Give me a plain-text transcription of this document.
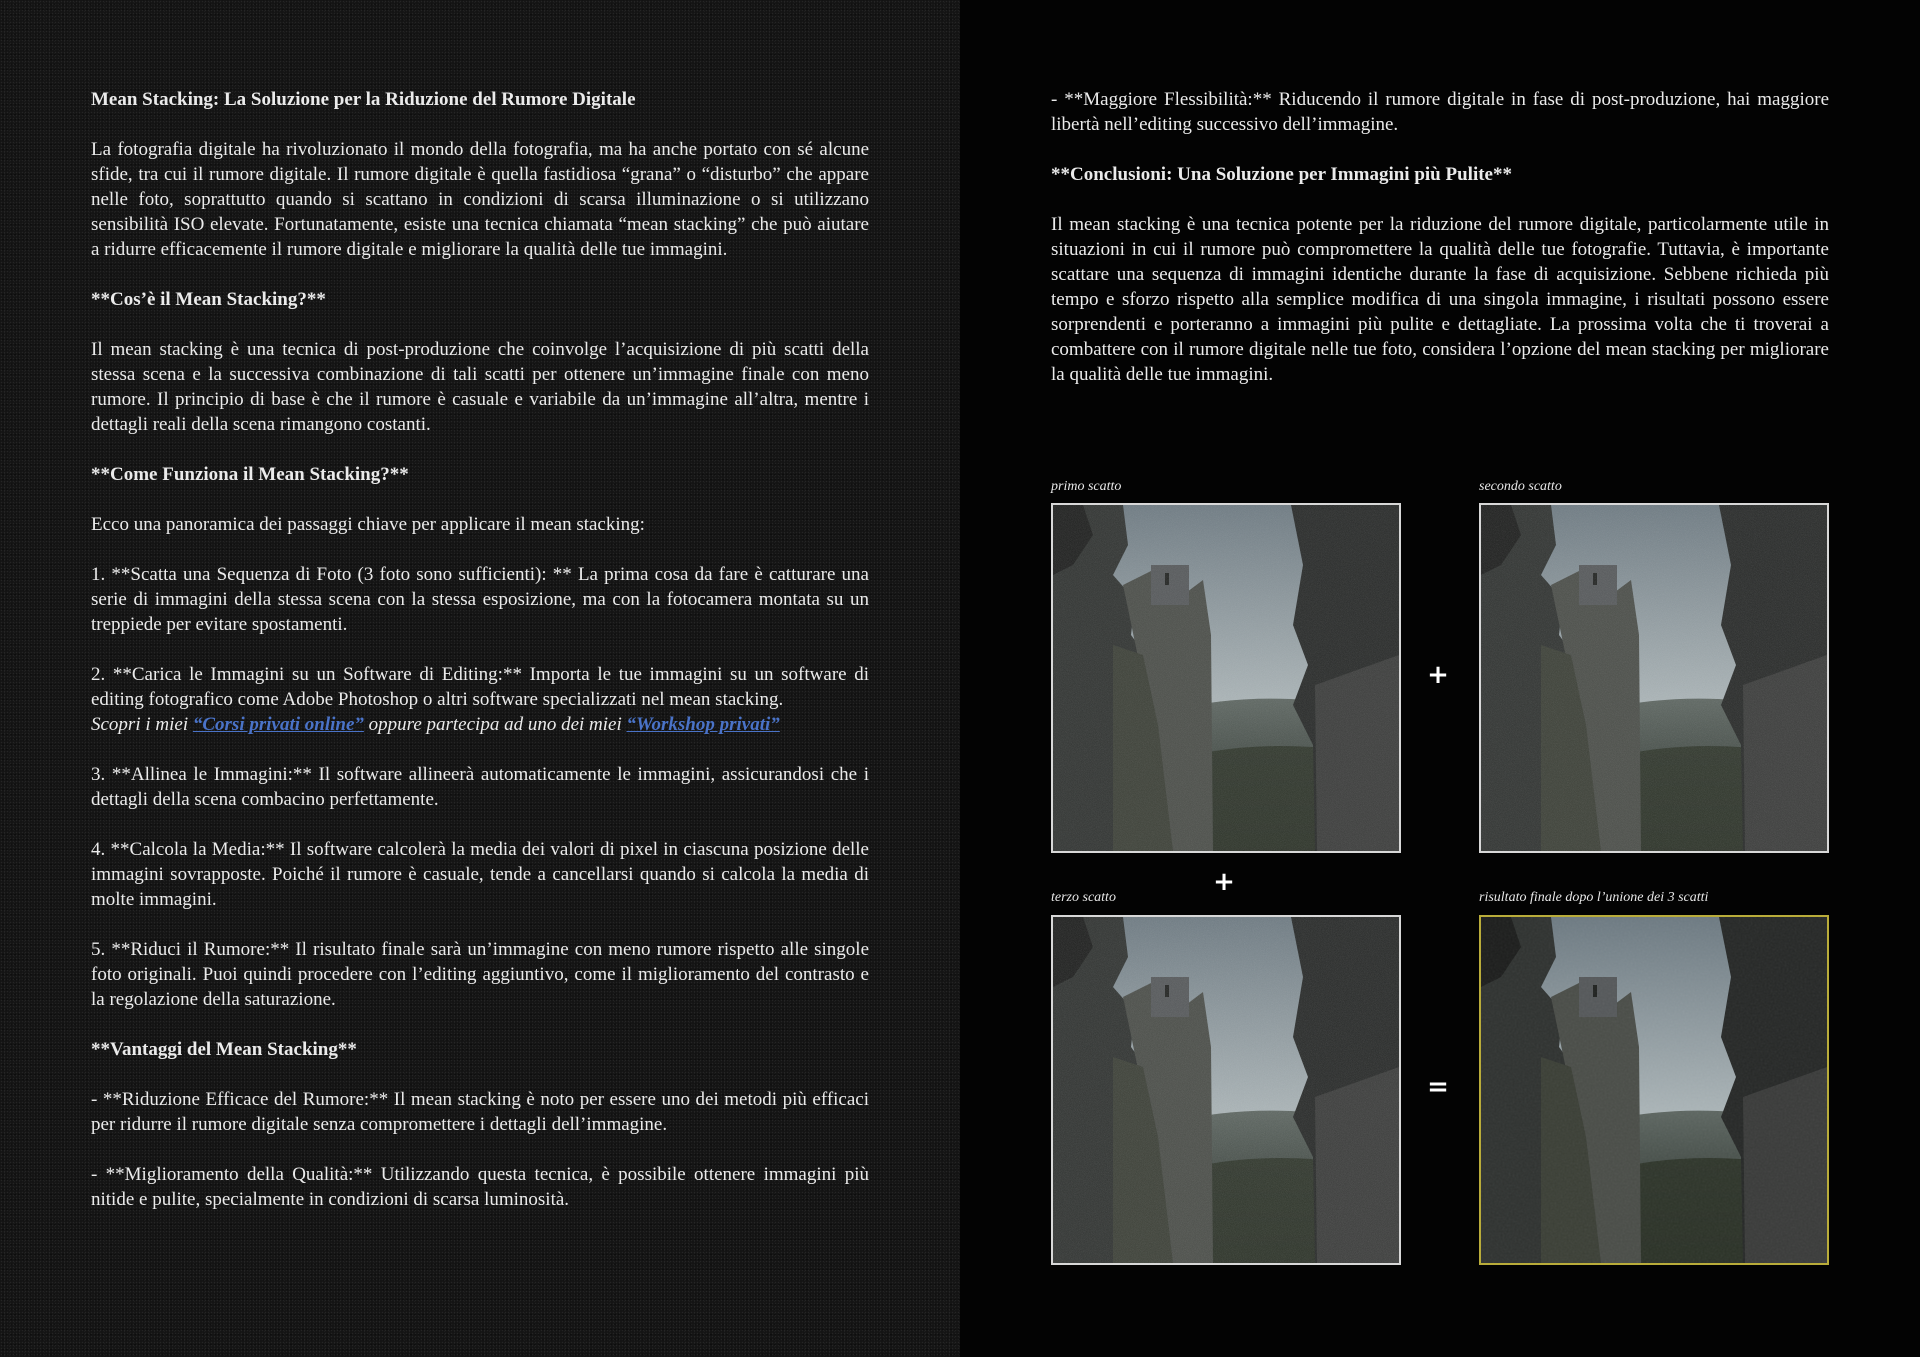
Mean Stacking: La Soluzione per la Riduzione del Rumore Digitale

La fotografia digitale ha rivoluzionato il mondo della fotografia, ma ha anche portato con sé alcune sfide, tra cui il rumore digitale. Il rumore digitale è quella fastidiosa “grana” o “disturbo” che appare nelle foto, soprattutto quando si scattano in condizioni di scarsa illuminazione o si utilizzano sensibilità ISO elevate. Fortunatamente, esiste una tecnica chiamata “mean stacking” che può aiutare a ridurre efficacemente il rumore digitale e migliorare la qualità delle tue immagini.

**Cos’è il Mean Stacking?**

Il mean stacking è una tecnica di post-produzione che coinvolge l’acquisizione di più scatti della stessa scena e la successiva combinazione di tali scatti per ottenere un’immagine finale con meno rumore. Il principio di base è che il rumore è casuale e variabile da un’immagine all’altra, mentre i dettagli reali della scena rimangono costanti.

**Come Funziona il Mean Stacking?**

Ecco una panoramica dei passaggi chiave per applicare il mean stacking:

1. **Scatta una Sequenza di Foto (3 foto sono sufficienti): ** La prima cosa da fare è catturare una serie di immagini della stessa scena con la stessa esposizione, ma con la fotocamera montata su un treppiede per evitare spostamenti.

2. **Carica le Immagini su un Software di Editing:** Importa le tue immagini su un software di editing fotografico come Adobe Photoshop o altri software specializzati nel mean stacking.
Scopri i miei “Corsi privati online” oppure partecipa ad uno dei miei “Workshop privati”

3. **Allinea le Immagini:** Il software allineerà automaticamente le immagini, assicurandosi che i dettagli della scena combacino perfettamente.

4. **Calcola la Media:** Il software calcolerà la media dei valori di pixel in ciascuna posizione delle immagini sovrapposte. Poiché il rumore è casuale, tende a cancellarsi quando si calcola la media di molte immagini.

5. **Riduci il Rumore:** Il risultato finale sarà un’immagine con meno rumore rispetto alle singole foto originali. Puoi quindi procedere con l’editing aggiuntivo, come il miglioramento del contrasto e la regolazione della saturazione.

**Vantaggi del Mean Stacking**

- **Riduzione Efficace del Rumore:** Il mean stacking è noto per essere uno dei metodi più efficaci per ridurre il rumore digitale senza compromettere i dettagli dell’immagine.

- **Miglioramento della Qualità:** Utilizzando questa tecnica, è possibile ottenere immagini più nitide e pulite, specialmente in condizioni di scarsa luminosità.

- **Maggiore Flessibilità:** Riducendo il rumore digitale in fase di post-produzione, hai maggiore libertà nell’editing successivo dell’immagine.

**Conclusioni: Una Soluzione per Immagini più Pulite**

Il mean stacking è una tecnica potente per la riduzione del rumore digitale, particolarmente utile in situazioni in cui il rumore può compromettere la qualità delle tue fotografie. Tuttavia, è importante scattare una sequenza di immagini identiche durante la fase di acquisizione. Sebbene richieda più tempo e sforzo rispetto alla semplice modifica di una singola immagine, i risultati possono essere sorprendenti e porteranno a immagini più pulite e dettagliate. La prossima volta che ti troverai a combattere con il rumore digitale nelle tue foto, considera l’opzione del mean stacking per migliorare la qualità delle tue immagini.

primo scatto	secondo scatto
terzo scatto	risultato finale dopo l’unione dei 3 scatti
+
+
=
